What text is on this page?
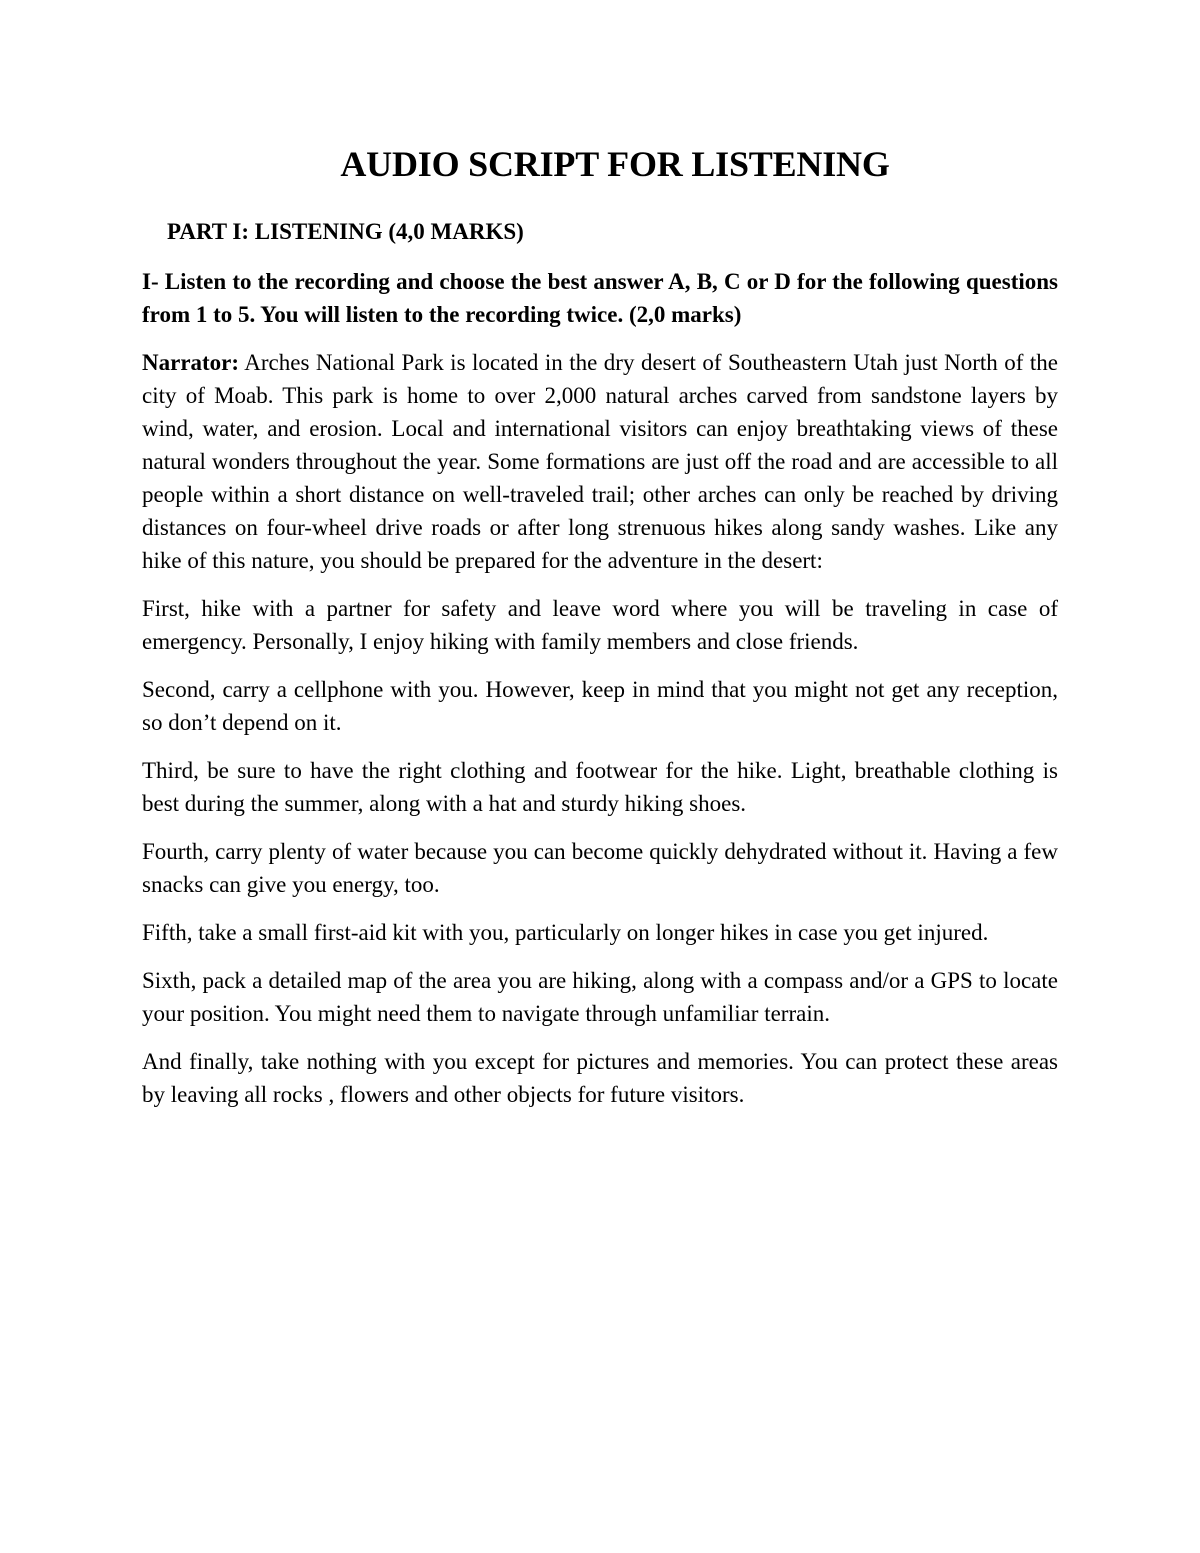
AUDIO SCRIPT FOR LISTENING

PART I: LISTENING (4,0 MARKS)

I- Listen to the recording and choose the best answer A, B, C or D for the following questions from 1 to 5. You will listen to the recording twice. (2,0 marks)

Narrator: Arches National Park is located in the dry desert of Southeastern Utah just North of the city of Moab. This park is home to over 2,000 natural arches carved from sandstone layers by wind, water, and erosion. Local and international visitors can enjoy breathtaking views of these natural wonders throughout the year. Some formations are just off the road and are accessible to all people within a short distance on well-traveled trail; other arches can only be reached by driving distances on four-wheel drive roads or after long strenuous hikes along sandy washes. Like any hike of this nature, you should be prepared for the adventure in the desert:

First, hike with a partner for safety and leave word where you will be traveling in case of emergency. Personally, I enjoy hiking with family members and close friends.

Second, carry a cellphone with you. However, keep in mind that you might not get any reception, so don’t depend on it.

Third, be sure to have the right clothing and footwear for the hike. Light, breathable clothing is best during the summer, along with a hat and sturdy hiking shoes.

Fourth, carry plenty of water because you can become quickly dehydrated without it. Having a few snacks can give you energy, too.

Fifth, take a small first-aid kit with you, particularly on longer hikes in case you get injured.

Sixth, pack a detailed map of the area you are hiking, along with a compass and/or a GPS to locate your position. You might need them to navigate through unfamiliar terrain.

And finally, take nothing with you except for pictures and memories. You can protect these areas by leaving all rocks , flowers and other objects for future visitors.
